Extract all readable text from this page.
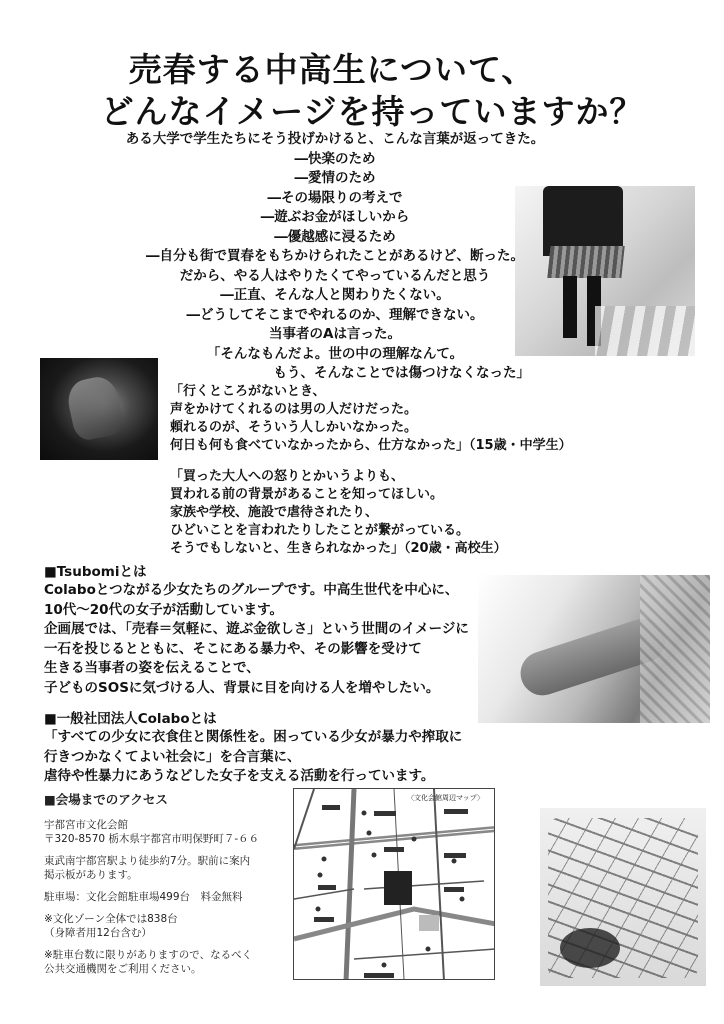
売春する中高生について、
どんなイメージを持っていますか？
ある大学で学生たちにそう投げかけると、こんな言葉が返ってきた。
―快楽のため
―愛情のため
―その場限りの考えで
―遊ぶお金がほしいから
―優越感に浸るため
―自分も街で買春をもちかけられたことがあるけど、断った。
だから、やる人はやりたくてやっているんだと思う
―正直、そんな人と関わりたくない。
―どうしてそこまでやれるのか、理解できない。
当事者のAは言った。
「そんなもんだよ。世の中の理解なんて。
もう、そんなことでは傷つけなくなった」
「行くところがないとき、
声をかけてくれるのは男の人だけだった。
頼れるのが、そういう人しかいなかった。
何日も何も食べていなかったから、仕方なかった」（15歳・中学生）
「買った大人への怒りとかいうよりも、
買われる前の背景があることを知ってほしい。
家族や学校、施設で虐待されたり、
ひどいことを言われたりしたことが繋がっている。
そうでもしないと、生きられなかった」（20歳・高校生）
■Tsubomiとは
Colaboとつながる少女たちのグループです。中高生世代を中心に、
10代～20代の女子が活動しています。
企画展では、「売春＝気軽に、遊ぶ金欲しさ」という世間のイメージに
一石を投じるとともに、そこにある暴力や、その影響を受けて
生きる当事者の姿を伝えることで、
子どものSOSに気づける人、背景に目を向ける人を増やしたい。
■一般社団法人Colaboとは
「すべての少女に衣食住と関係性を。困っている少女が暴力や搾取に
行きつかなくてよい社会に」を合言葉に、
虐待や性暴力にあうなどした女子を支える活動を行っています。
■会場までのアクセス
宇都宮市文化会館
〒320-8570 栃木県宇都宮市明保野町７-６６
東武南宇都宮駅より徒歩約7分。駅前に案内
掲示板があります。
駐車場：文化会館駐車場499台　料金無料
※文化ゾーン全体では838台
（身障者用12台含む）
※駐車台数に限りがありますので、なるべく
公共交通機関をご利用ください。
〈文化会館周辺マップ〉
